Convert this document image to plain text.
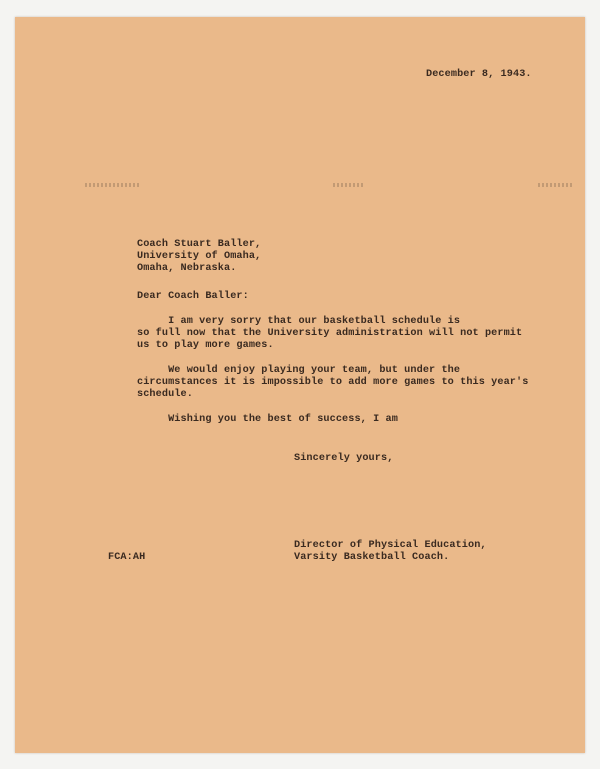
December 8, 1943.
Coach Stuart Baller,
University of Omaha,
Omaha, Nebraska.
Dear Coach Baller:
I am very sorry that our basketball schedule is
so full now that the University administration will not permit
us to play more games.
We would enjoy playing your team, but under the
circumstances it is impossible to add more games to this year's
schedule.
Wishing you the best of success, I am
Sincerely yours,
Director of Physical Education,
Varsity Basketball Coach.
FCA:AH
